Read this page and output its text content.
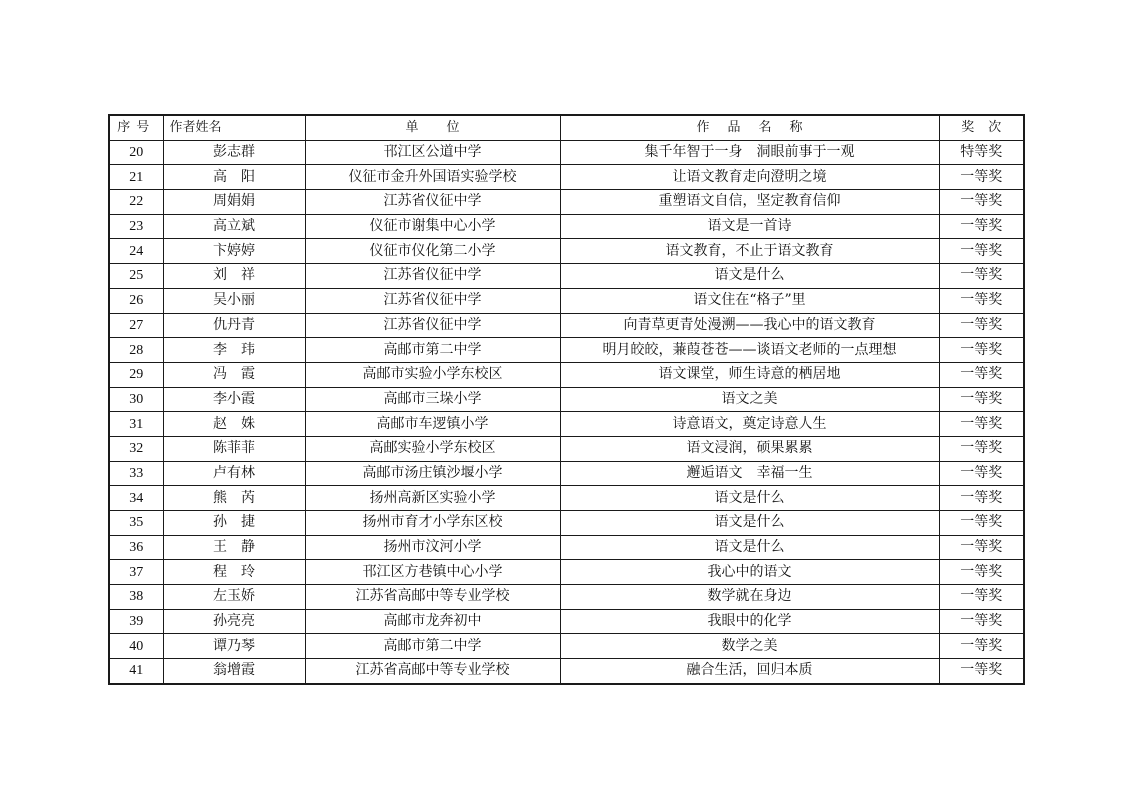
序号	作者姓名	单位	作品名称	奖次
20	彭志群	邗江区公道中学	集千年智于一身　洞眼前事于一观	特等奖
21	高　阳	仪征市金升外国语实验学校	让语文教育走向澄明之境	一等奖
22	周娟娟	江苏省仪征中学	重塑语文自信，坚定教育信仰	一等奖
23	高立斌	仪征市谢集中心小学	语文是一首诗	一等奖
24	卞婷婷	仪征市仪化第二小学	语文教育，不止于语文教育	一等奖
25	刘　祥	江苏省仪征中学	语文是什么	一等奖
26	吴小丽	江苏省仪征中学	语文住在“格子”里	一等奖
27	仇丹青	江苏省仪征中学	向青草更青处漫溯——我心中的语文教育	一等奖
28	李　玮	高邮市第二中学	明月皎皎，蒹葭苍苍——谈语文老师的一点理想	一等奖
29	冯　霞	高邮市实验小学东校区	语文课堂，师生诗意的栖居地	一等奖
30	李小霞	高邮市三垛小学	语文之美	一等奖
31	赵　姝	高邮市车逻镇小学	诗意语文，奠定诗意人生	一等奖
32	陈菲菲	高邮实验小学东校区	语文浸润，硕果累累	一等奖
33	卢有林	高邮市汤庄镇沙堰小学	邂逅语文　幸福一生	一等奖
34	熊　芮	扬州高新区实验小学	语文是什么	一等奖
35	孙　捷	扬州市育才小学东区校	语文是什么	一等奖
36	王　静	扬州市汶河小学	语文是什么	一等奖
37	程　玲	邗江区方巷镇中心小学	我心中的语文	一等奖
38	左玉娇	江苏省高邮中等专业学校	数学就在身边	一等奖
39	孙亮亮	高邮市龙奔初中	我眼中的化学	一等奖
40	谭乃琴	高邮市第二中学	数学之美	一等奖
41	翁增霞	江苏省高邮中等专业学校	融合生活，回归本质	一等奖
